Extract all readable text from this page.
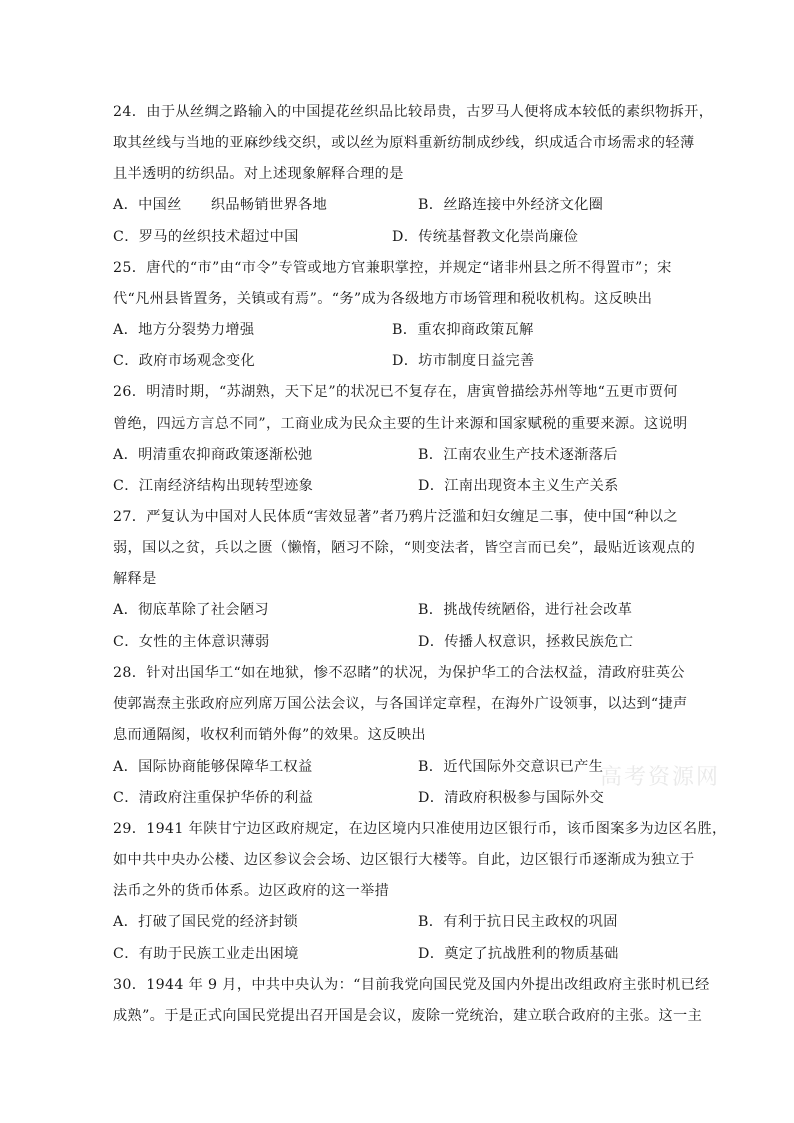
高考资源网
24．由于从丝绸之路输入的中国提花丝织品比较昂贵，古罗马人便将成本较低的素织物拆开，
取其丝线与当地的亚麻纱线交织，或以丝为原料重新纺制成纱线，织成适合市场需求的轻薄
且半透明的纺织品。对上述现象解释合理的是
A．中国丝　　织品畅销世界各地	B．丝路连接中外经济文化圈
C．罗马的丝织技术超过中国	D．传统基督教文化崇尚廉俭
25．唐代的“市”由“市令”专管或地方官兼职掌控，并规定“诸非州县之所不得置市”；宋
代“凡州县皆置务，关镇或有焉”。“务”成为各级地方市场管理和税收机构。这反映出
A．地方分裂势力增强	B．重农抑商政策瓦解
C．政府市场观念变化	D．坊市制度日益完善
26．明清时期，“苏湖熟，天下足”的状况已不复存在，唐寅曾描绘苏州等地“五更市贾何
曾绝，四远方言总不同”，工商业成为民众主要的生计来源和国家赋税的重要来源。这说明
A．明清重农抑商政策逐渐松弛	B．江南农业生产技术逐渐落后
C．江南经济结构出现转型迹象	D．江南出现资本主义生产关系
27．严复认为中国对人民体质“害效显著”者乃鸦片泛滥和妇女缠足二事，使中国“种以之
弱，国以之贫，兵以之匮（懒惰，陋习不除，“则变法者，皆空言而已矣”，最贴近该观点的
解释是
A．彻底革除了社会陋习	B．挑战传统陋俗，进行社会改革
C．女性的主体意识薄弱	D．传播人权意识，拯救民族危亡
28．针对出国华工“如在地狱，惨不忍睹”的状况，为保护华工的合法权益，清政府驻英公
使郭嵩焘主张政府应列席万国公法会议，与各国详定章程，在海外广设领事，以达到“捷声
息而通隔阂，收权利而销外侮”的效果。这反映出
A．国际协商能够保障华工权益	B．近代国际外交意识已产生
C．清政府注重保护华侨的利益	D．清政府积极参与国际外交
29．1941 年陕甘宁边区政府规定，在边区境内只准使用边区银行币，该币图案多为边区名胜，
如中共中央办公楼、边区参议会会场、边区银行大楼等。自此，边区银行币逐渐成为独立于
法币之外的货币体系。边区政府的这一举措
A．打破了国民党的经济封锁	B．有利于抗日民主政权的巩固
C．有助于民族工业走出困境	D．奠定了抗战胜利的物质基础
30．1944 年 9 月，中共中央认为：“目前我党向国民党及国内外提出改组政府主张时机已经
成熟”。于是正式向国民党提出召开国是会议，废除一党统治，建立联合政府的主张。这一主
